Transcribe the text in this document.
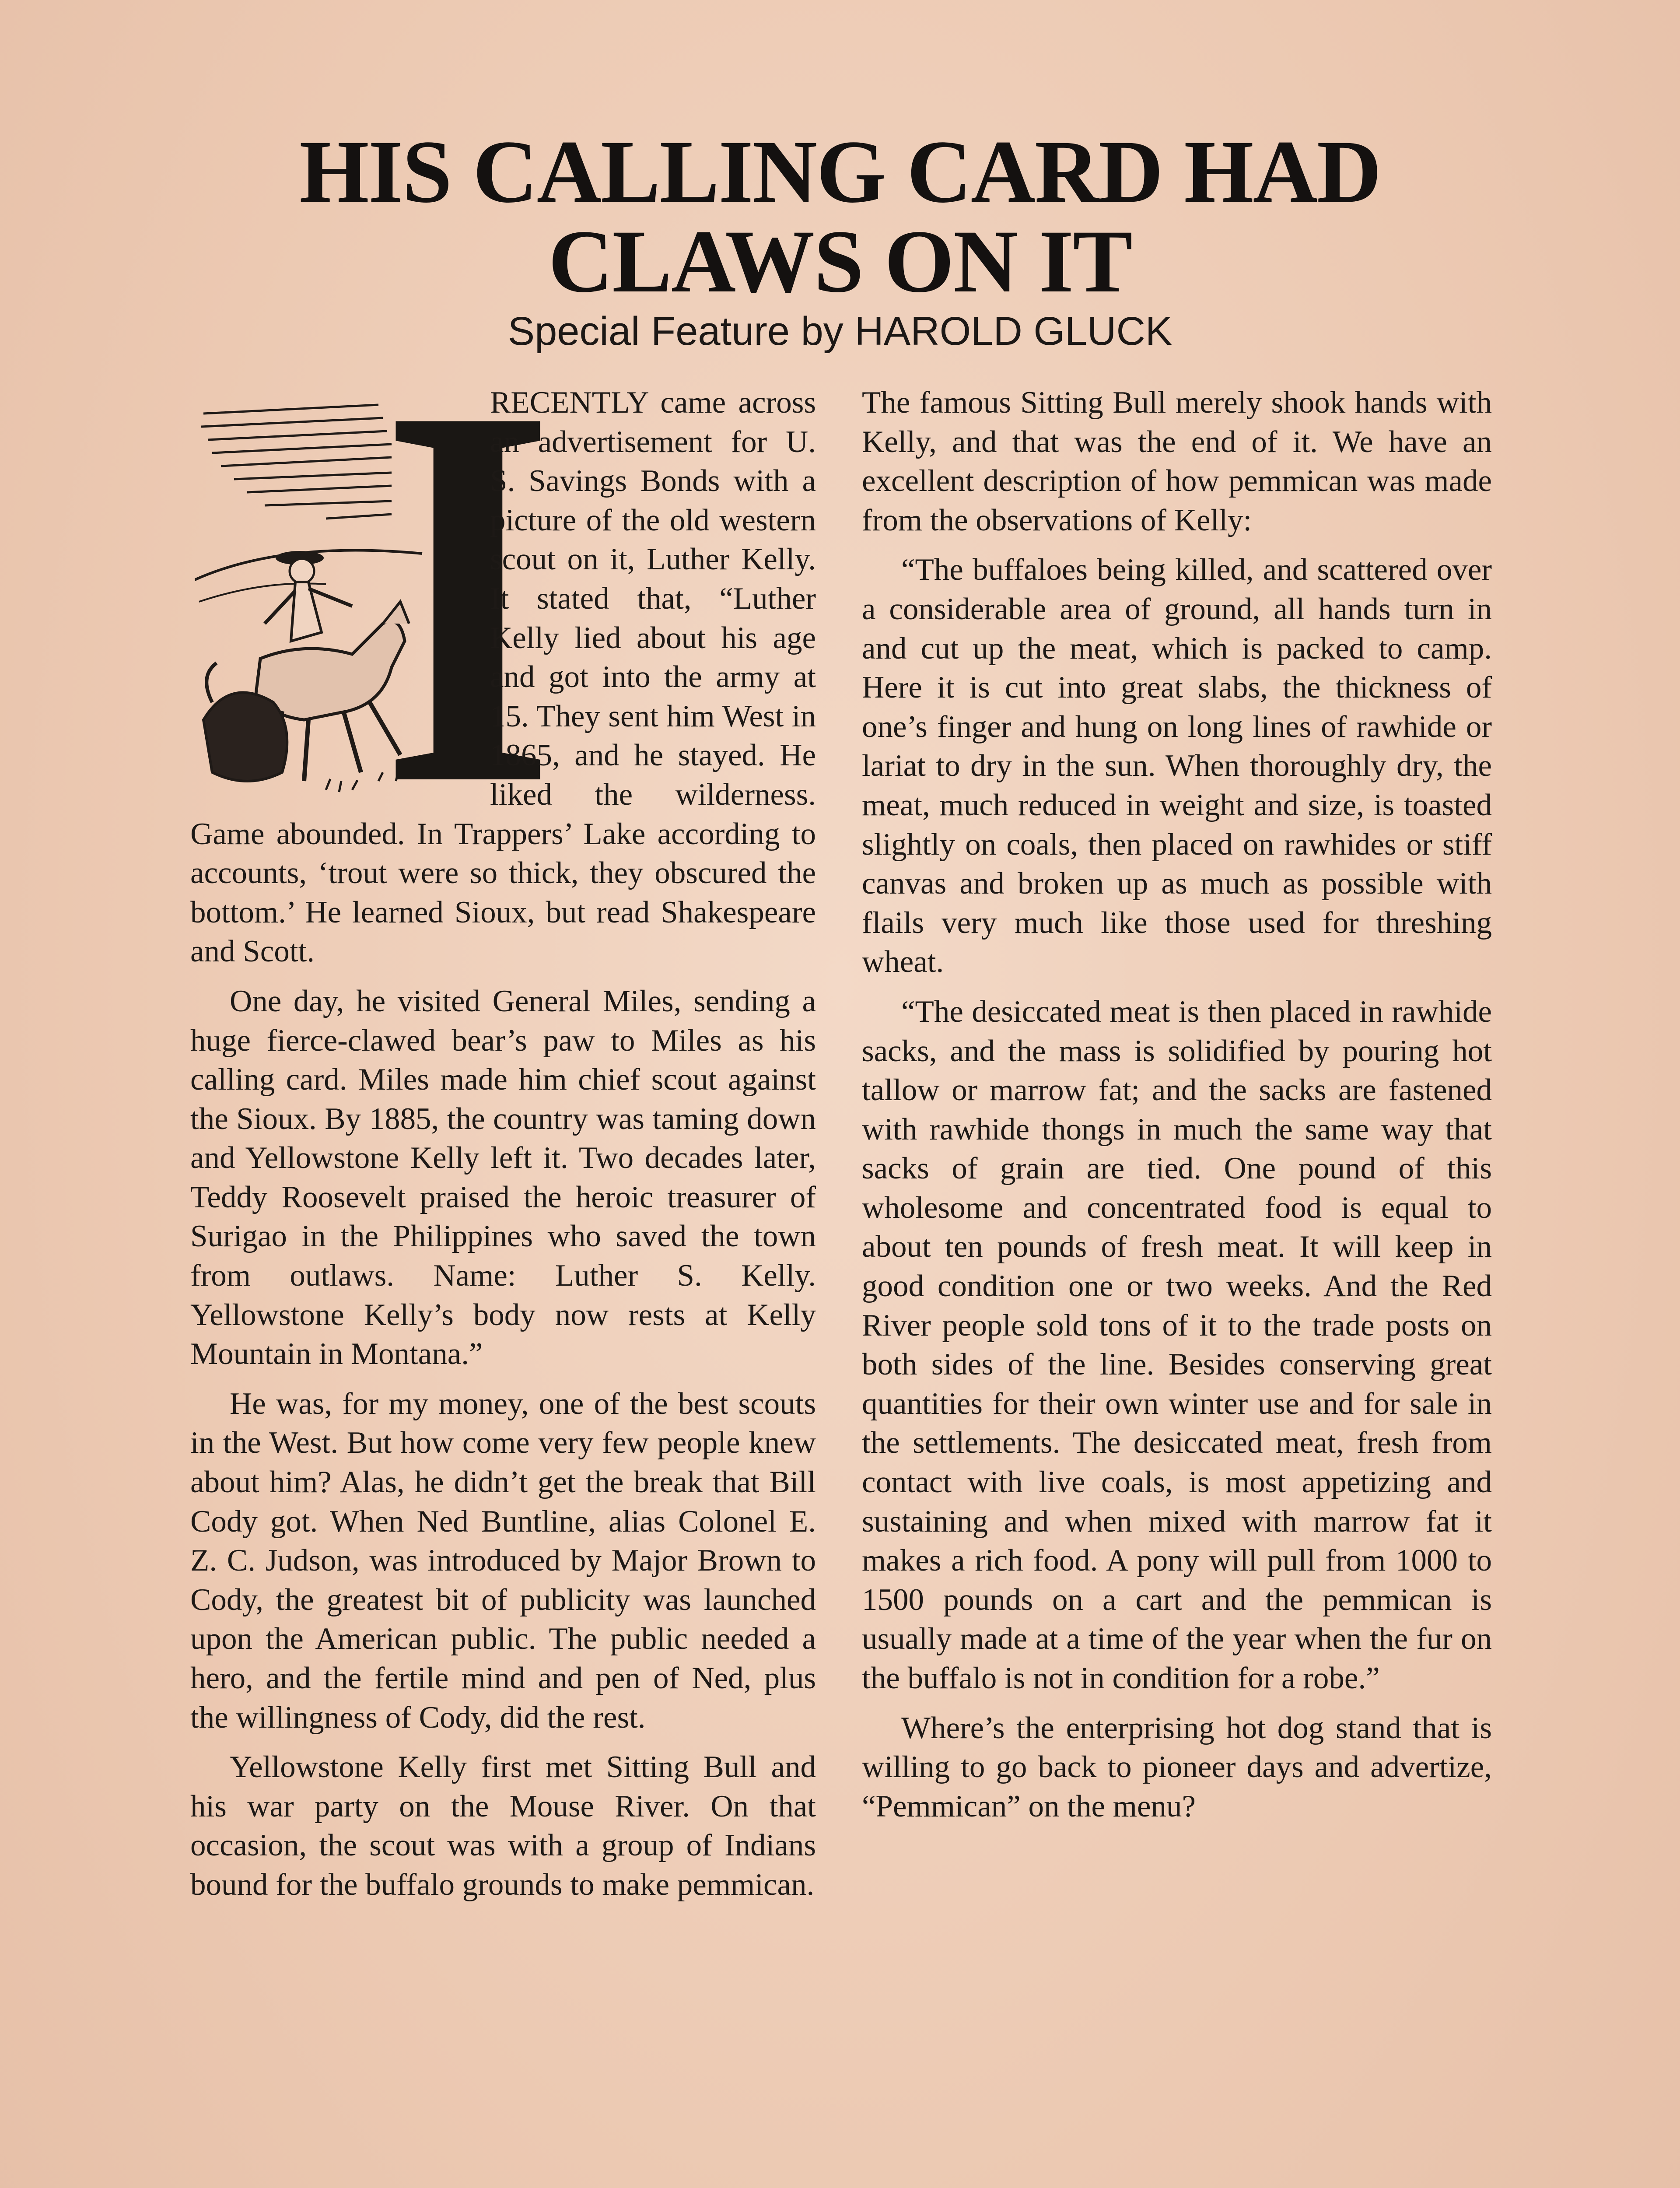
HIS CALLING CARD HAD
CLAWS ON IT
Special Feature by HAROLD GLUCK
I

RECENTLY came across an advertisement for U. S. Savings Bonds with a picture of the old western scout on it, Luther Kelly. It stated that, “Luther Kelly lied about his age and got into the army at 15. They sent him West in 1865, and he stayed. He liked the wilderness. Game abounded. In Trappers’ Lake according to accounts, ‘trout were so thick, they obscured the bottom.’ He learned Sioux, but read Shakespeare and Scott.

One day, he visited General Miles, sending a huge fierce-clawed bear’s paw to Miles as his calling card. Miles made him chief scout against the Sioux. By 1885, the country was taming down and Yellowstone Kelly left it. Two decades later, Teddy Roosevelt praised the heroic treasurer of Surigao in the Philippines who saved the town from outlaws. Name: Luther S. Kelly. Yellowstone Kelly’s body now rests at Kelly Mountain in Montana.”

He was, for my money, one of the best scouts in the West. But how come very few people knew about him? Alas, he didn’t get the break that Bill Cody got. When Ned Buntline, alias Colonel E. Z. C. Judson, was introduced by Major Brown to Cody, the greatest bit of publicity was launched upon the American public. The public needed a hero, and the fertile mind and pen of Ned, plus the willingness of Cody, did the rest.

Yellowstone Kelly first met Sitting Bull and his war party on the Mouse River. On that occasion, the scout was with a group of Indians bound for the buffalo grounds to make pemmican.

The famous Sitting Bull merely shook hands with Kelly, and that was the end of it. We have an excellent description of how pemmican was made from the observations of Kelly:

“The buffaloes being killed, and scattered over a considerable area of ground, all hands turn in and cut up the meat, which is packed to camp. Here it is cut into great slabs, the thickness of one’s finger and hung on long lines of rawhide or lariat to dry in the sun. When thoroughly dry, the meat, much reduced in weight and size, is toasted slightly on coals, then placed on rawhides or stiff canvas and broken up as much as possible with flails very much like those used for threshing wheat.

“The desiccated meat is then placed in rawhide sacks, and the mass is solidified by pouring hot tallow or marrow fat; and the sacks are fastened with rawhide thongs in much the same way that sacks of grain are tied. One pound of this wholesome and concentrated food is equal to about ten pounds of fresh meat. It will keep in good condition one or two weeks. And the Red River people sold tons of it to the trade posts on both sides of the line. Besides conserving great quantities for their own winter use and for sale in the settlements. The desiccated meat, fresh from contact with live coals, is most appetizing and sustaining and when mixed with marrow fat it makes a rich food. A pony will pull from 1000 to 1500 pounds on a cart and the pemmican is usually made at a time of the year when the fur on the buffalo is not in condition for a robe.”

Where’s the enterprising hot dog stand that is willing to go back to pioneer days and advertize, “Pemmican” on the menu?
